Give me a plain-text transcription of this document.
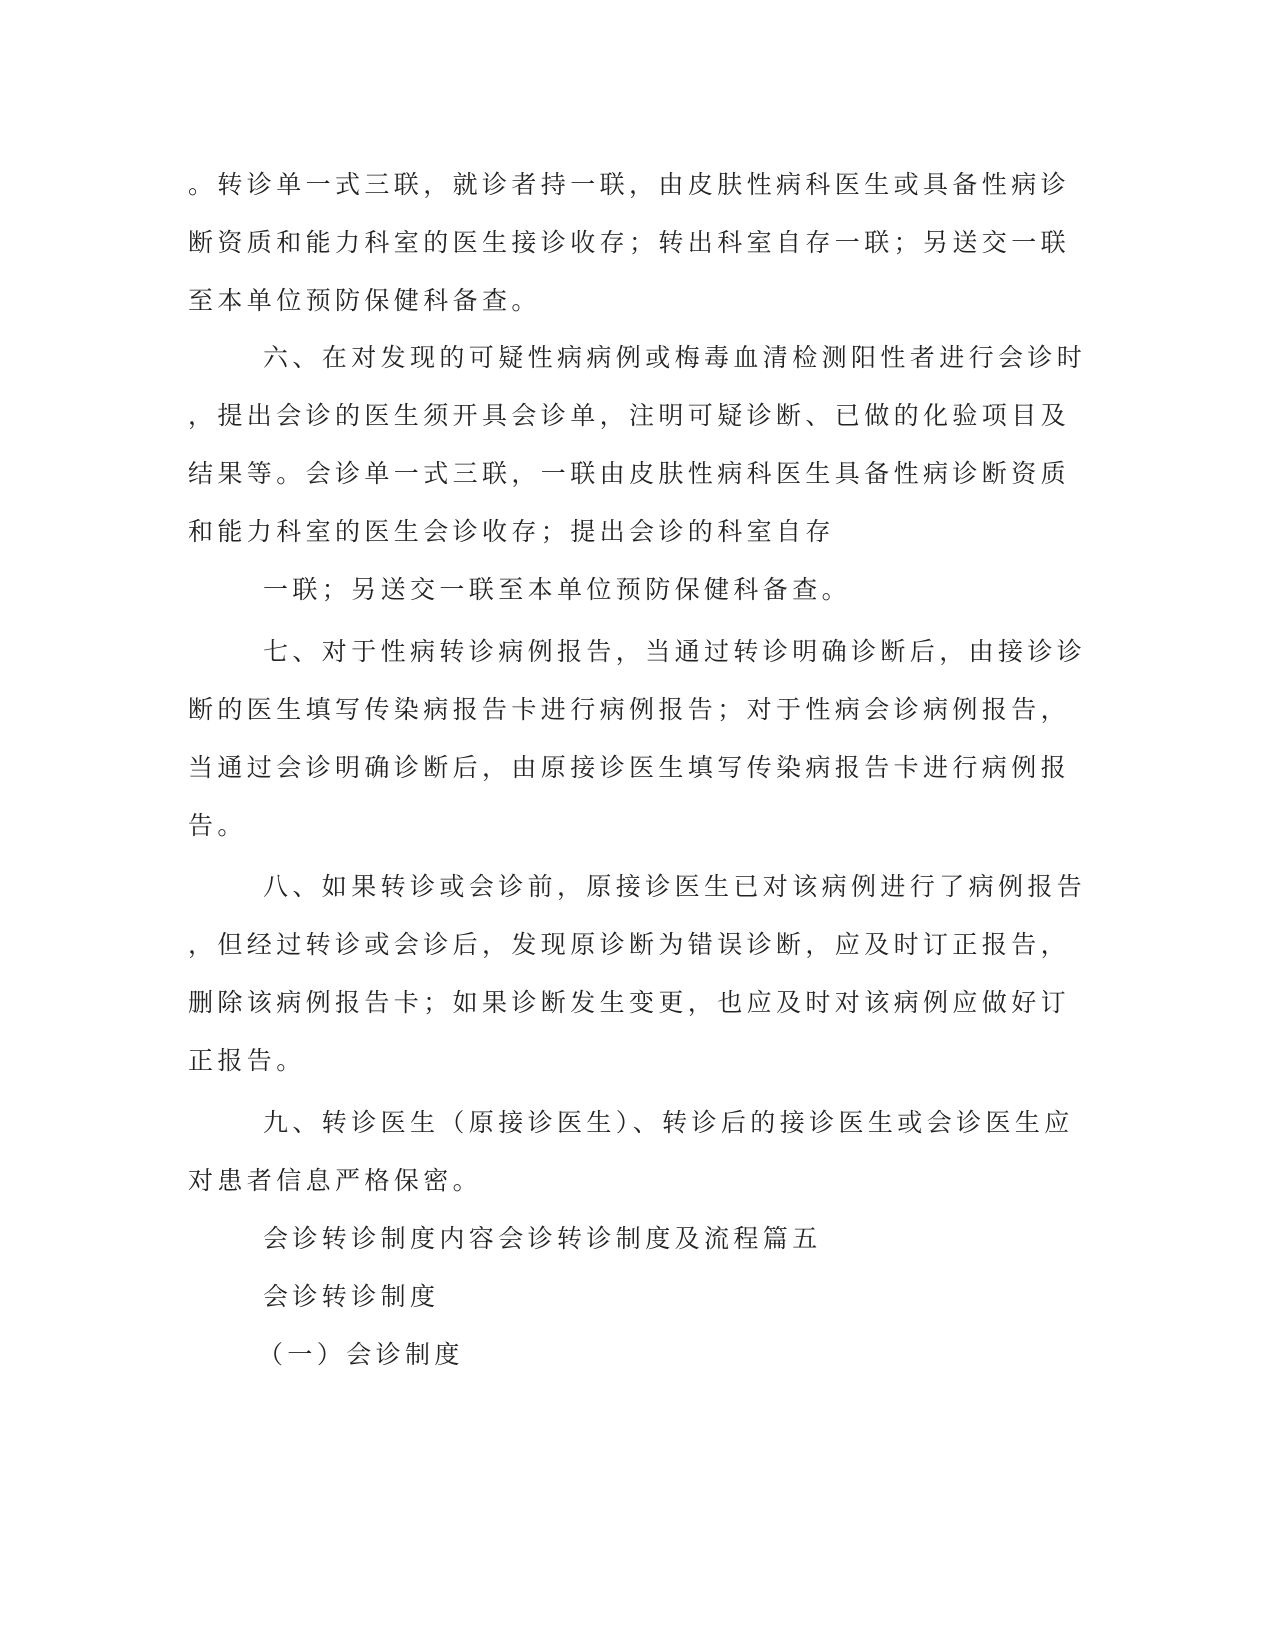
。转诊单一式三联，就诊者持一联，由皮肤性病科医生或具备性病诊
断资质和能力科室的医生接诊收存；转出科室自存一联；另送交一联
至本单位预防保健科备查。
六、在对发现的可疑性病病例或梅毒血清检测阳性者进行会诊时
，提出会诊的医生须开具会诊单，注明可疑诊断、已做的化验项目及
结果等。会诊单一式三联，一联由皮肤性病科医生具备性病诊断资质
和能力科室的医生会诊收存；提出会诊的科室自存
一联；另送交一联至本单位预防保健科备查。
七、对于性病转诊病例报告，当通过转诊明确诊断后，由接诊诊
断的医生填写传染病报告卡进行病例报告；对于性病会诊病例报告，
当通过会诊明确诊断后，由原接诊医生填写传染病报告卡进行病例报
告。
八、如果转诊或会诊前，原接诊医生已对该病例进行了病例报告
，但经过转诊或会诊后，发现原诊断为错误诊断，应及时订正报告，
删除该病例报告卡；如果诊断发生变更，也应及时对该病例应做好订
正报告。
九、转诊医生（原接诊医生）、转诊后的接诊医生或会诊医生应
对患者信息严格保密。
会诊转诊制度内容会诊转诊制度及流程篇五
会诊转诊制度
（一）会诊制度
